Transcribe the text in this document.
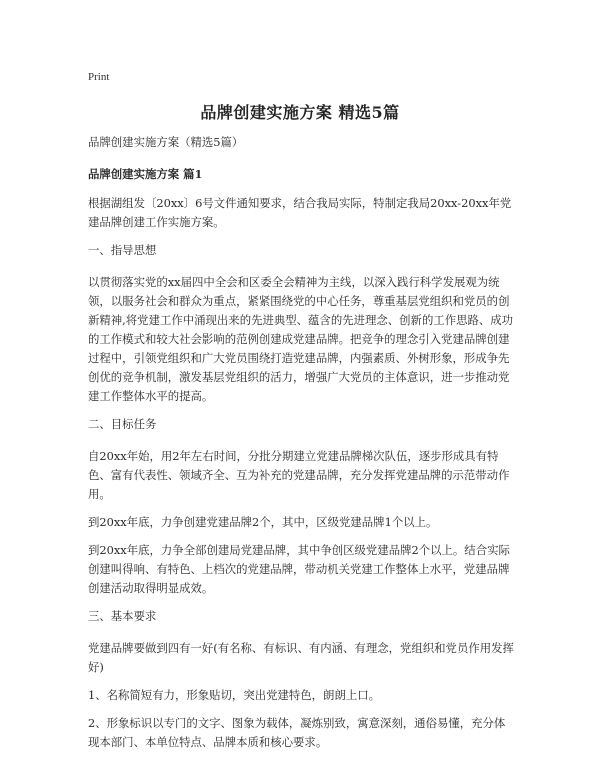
Print
品牌创建实施方案 精选5篇

品牌创建实施方案（精选5篇）

品牌创建实施方案 篇1

根据湖组发〔20xx〕6号文件通知要求，结合我局实际，特制定我局20xx-20xx年党建品牌创建工作实施方案。

一、指导思想

以贯彻落实党的xx届四中全会和区委全会精神为主线，以深入践行科学发展观为统领，以服务社会和群众为重点，紧紧围绕党的中心任务，尊重基层党组织和党员的创新精神,将党建工作中涌现出来的先进典型、蕴含的先进理念、创新的工作思路、成功的工作模式和较大社会影响的范例创建成党建品牌。把竞争的理念引入党建品牌创建过程中，引领党组织和广大党员围绕打造党建品牌，内强素质、外树形象，形成争先创优的竞争机制，激发基层党组织的活力，增强广大党员的主体意识，进一步推动党建工作整体水平的提高。

二、目标任务

自20xx年始，用2年左右时间，分批分期建立党建品牌梯次队伍，逐步形成具有特色、富有代表性、领域齐全、互为补充的党建品牌，充分发挥党建品牌的示范带动作用。

到20xx年底，力争创建党建品牌2个，其中，区级党建品牌1个以上。

到20xx年底，力争全部创建局党建品牌，其中争创区级党建品牌2个以上。结合实际创建叫得响、有特色、上档次的党建品牌，带动机关党建工作整体上水平，党建品牌创建活动取得明显成效。

三、基本要求

党建品牌要做到四有一好(有名称、有标识、有内涵、有理念，党组织和党员作用发挥好)

1、名称简短有力，形象贴切，突出党建特色，朗朗上口。

2、形象标识以专门的文字、图象为载体，凝炼别致，寓意深刻，通俗易懂，充分体现本部门、本单位特点、品牌本质和核心要求。
